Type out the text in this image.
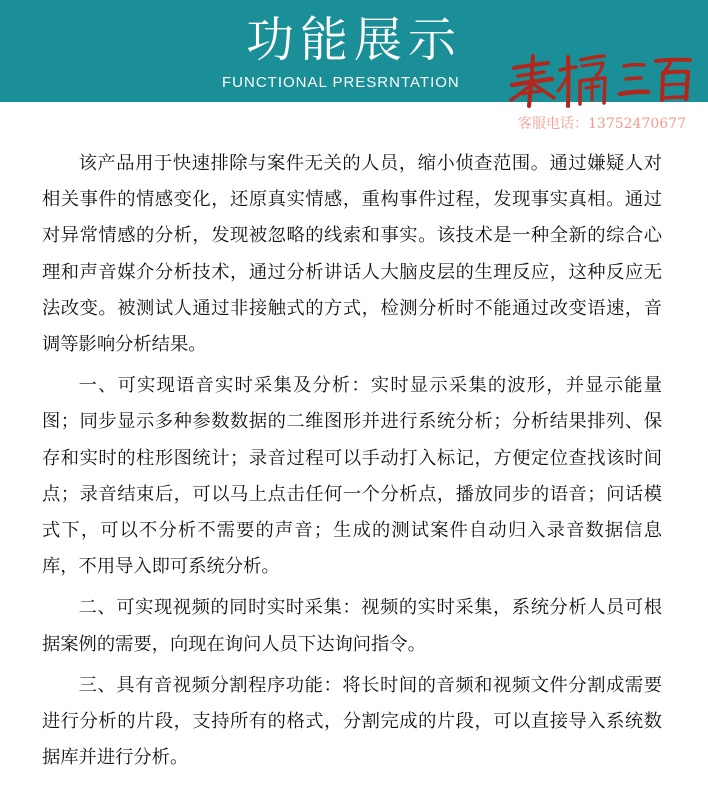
功能展示
FUNCTIONAL PRESRNTATION
客服电话：13752470677

该产品用于快速排除与案件无关的人员，缩小侦查范围。通过嫌疑人对相关事件的情感变化，还原真实情感，重构事件过程，发现事实真相。通过对异常情感的分析，发现被忽略的线索和事实。该技术是一种全新的综合心理和声音媒介分析技术，通过分析讲话人大脑皮层的生理反应，这种反应无法改变。被测试人通过非接触式的方式，检测分析时不能通过改变语速，音调等影响分析结果。

一、可实现语音实时采集及分析：实时显示采集的波形，并显示能量图；同步显示多种参数数据的二维图形并进行系统分析；分析结果排列、保存和实时的柱形图统计；录音过程可以手动打入标记，方便定位查找该时间点；录音结束后，可以马上点击任何一个分析点，播放同步的语音；问话模式下，可以不分析不需要的声音；生成的测试案件自动归入录音数据信息库，不用导入即可系统分析。

二、可实现视频的同时实时采集：视频的实时采集，系统分析人员可根据案例的需要，向现在询问人员下达询问指令。

三、具有音视频分割程序功能：将长时间的音频和视频文件分割成需要进行分析的片段，支持所有的格式，分割完成的片段，可以直接导入系统数据库并进行分析。
